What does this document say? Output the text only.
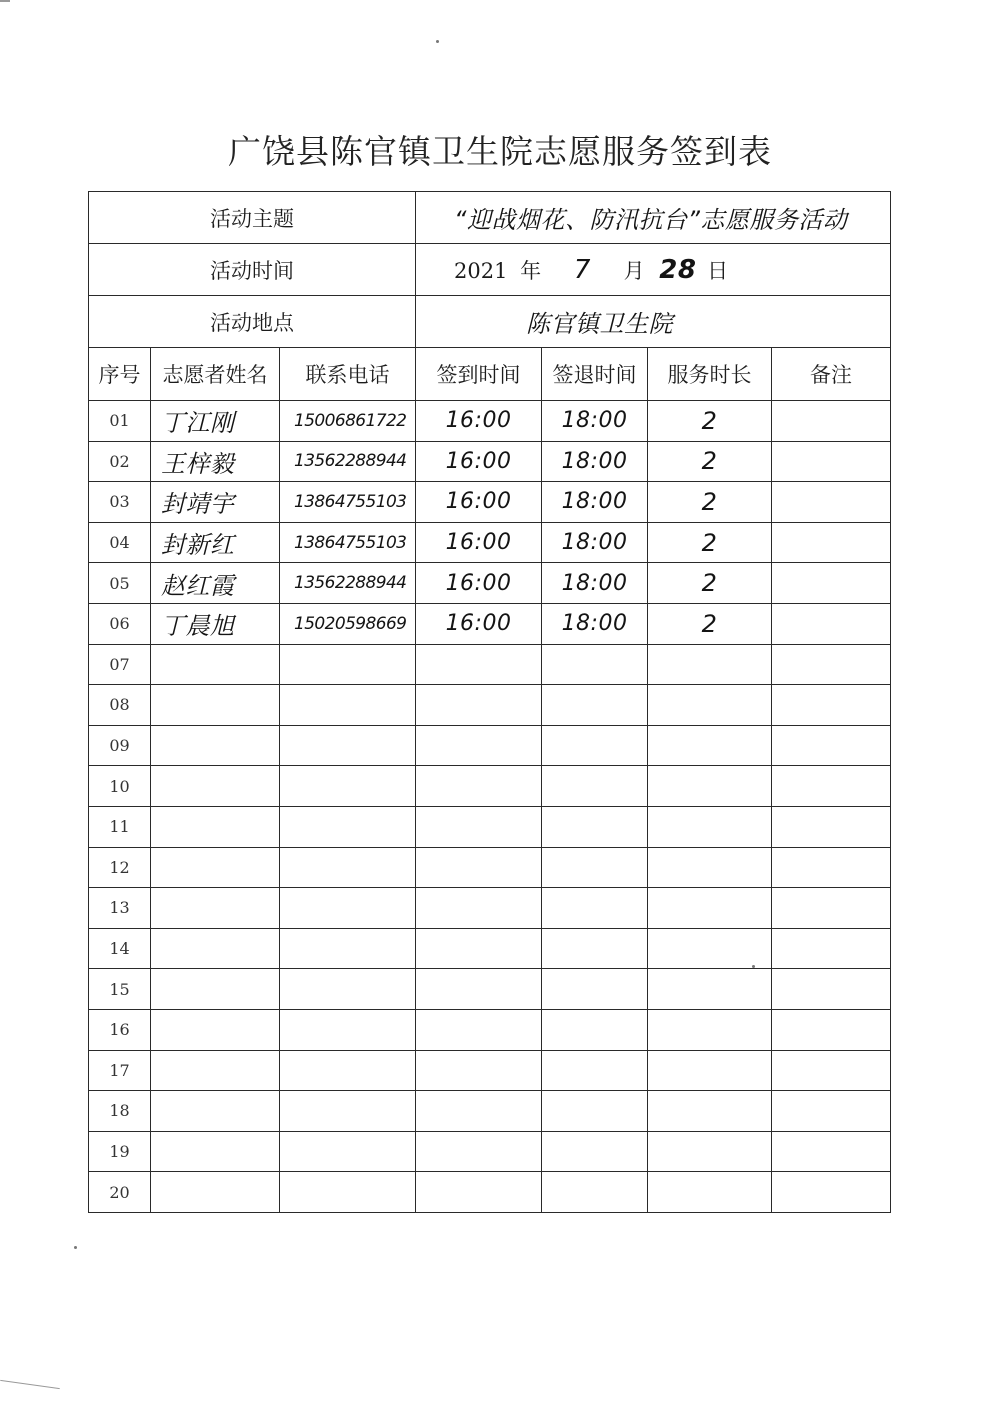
广饶县陈官镇卫生院志愿服务签到表
活动主题			“迎战烟花、防汛抗台”志愿服务活动			
活动时间			2021 年 7 月 28 日			
活动地点			陈官镇卫生院			
序号	志愿者姓名	联系电话	签到时间	签退时间	服务时长	备注
01	丁江刚	15006861722	16:00	18:00	2	
02	王梓毅	13562288944	16:00	18:00	2	
03	封靖宇	13864755103	16:00	18:00	2	
04	封新红	13864755103	16:00	18:00	2	
05	赵红霞	13562288944	16:00	18:00	2	
06	丁晨旭	15020598669	16:00	18:00	2	
07						
08						
09						
10						
11						
12						
13						
14						
15						
16						
17						
18						
19						
20						
